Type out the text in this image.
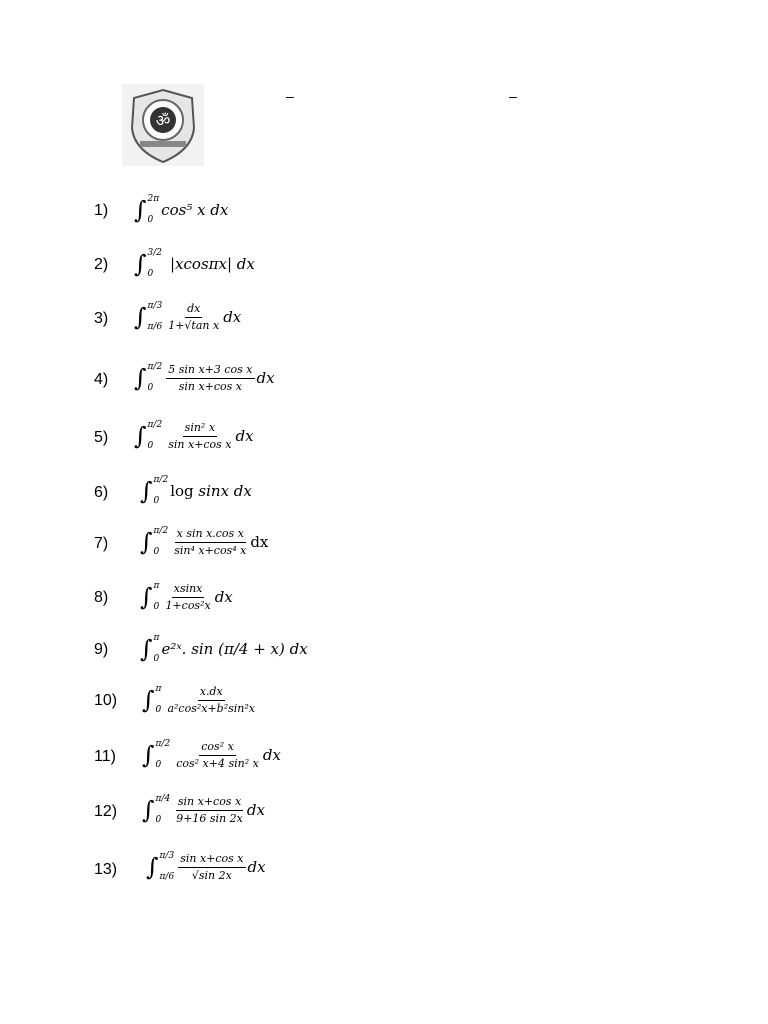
ॐ
–	–
1)
2)
3)
4)
5)
6)
7)
8)
9)
10)
11)
12)
13)
∫ 2π
0
cos⁵ x dx
∫ 3/2
0
|xcosπx| dx
∫ π/3
$\pi/6 \frac{dx}{\text{1+√tan x}}$ dx
∫ π/2
0	$\frac{\text{5 sin x+3 cos x}}{\text{sin x+cos x}}$ dx
∫ π/2
0	$\frac{\text{sin² x}}{\text{sin x+cos x}}$ dx
∫ π/2
0
log
sinx dx
∫ π/2
0	$\frac{\text{x sin x.cos x}}{\text{sin⁴ x+cos⁴ x}}$ dx
∫ π
$0 \frac{xsinx}{\text{1+cos²x}}$ dx
∫ π
0
e²ˣ. sin (π/4 + x) dx
∫ π
$0 \frac{x.dx}{\text{a²cos²x+b²sin²x}}$
∫ π/2
0	$\frac{\text{cos² x}}{\text{cos² x+4 sin² x}}$ dx
∫ π/4
0	$\frac{\text{sin x+cos x}}{9+16 \sin 2x}$ dx
∫ π/3
$\pi/6 \frac{\text{sin x+cos x}}{√\sin 2x}$ dx
